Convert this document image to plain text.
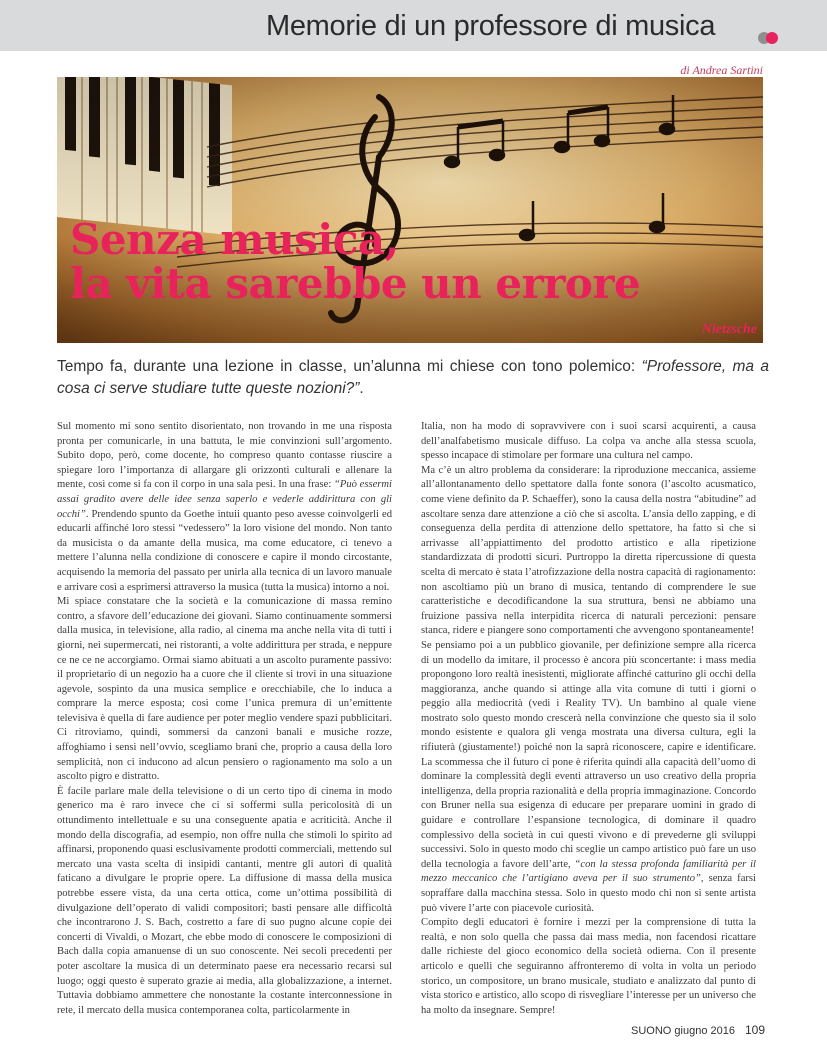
Memorie di un professore di musica
di Andrea Sartini
Senza musica,
la vita sarebbe un errore
Nietzsche
Tempo fa, durante una lezione in classe, un’alunna mi chiese con tono polemico: “Professore, ma a cosa ci serve studiare tutte queste nozioni?”.

Sul momento mi sono sentito disorientato, non trovando in me una risposta pronta per comunicarle, in una battuta, le mie convinzioni sull’argomento. Subito dopo, però, come docente, ho compreso quanto contasse riuscire a spiegare loro l’importanza di allargare gli orizzonti culturali e allenare la mente, così come si fa con il corpo in una sala pesi. In una frase: “Può essermi assai gradito avere delle idee senza saperlo e vederle addirittura con gli occhi”. Prendendo spunto da Goethe intuii quanto peso avesse coinvolgerli ed educarli affinché loro stessi “vedessero” la loro visione del mondo. Non tanto da musicista o da amante della musica, ma come educatore, ci tenevo a mettere l’alunna nella condizione di conoscere e capire il mondo circostante, acquisendo la memoria del passato per unirla alla tecnica di un lavoro manuale e arrivare così a esprimersi attraverso la musica (tutta la musica) intorno a noi.

Mi spiace constatare che la società e la comunicazione di massa remino contro, a sfavore dell’educazione dei giovani. Siamo continuamente sommersi dalla musica, in televisione, alla radio, al cinema ma anche nella vita di tutti i giorni, nei supermercati, nei ristoranti, a volte addirittura per strada, e neppure ce ne ce ne accorgiamo. Ormai siamo abituati a un ascolto puramente passivo: il proprietario di un negozio ha a cuore che il cliente si trovi in una situazione agevole, sospinto da una musica semplice e orecchiabile, che lo induca a comprare la merce esposta; così come l’unica premura di un’emittente televisiva è quella di fare audience per poter meglio vendere spazi pubblicitari. Ci ritroviamo, quindi, sommersi da canzoni banali e musiche rozze, affoghiamo i sensi nell’ovvio, scegliamo brani che, proprio a causa della loro semplicità, non ci inducono ad alcun pensiero o ragionamento ma solo a un ascolto pigro e distratto.

È facile parlare male della televisione o di un certo tipo di cinema in modo generico ma è raro invece che ci si soffermi sulla pericolosità di un ottundimento intellettuale e su una conseguente apatia e acriticità. Anche il mondo della discografia, ad esempio, non offre nulla che stimoli lo spirito ad affinarsi, proponendo quasi esclusivamente prodotti commerciali, mettendo sul mercato una vasta scelta di insipidi cantanti, mentre gli autori di qualità faticano a divulgare le proprie opere. La diffusione di massa della musica potrebbe essere vista, da una certa ottica, come un’ottima possibilità di divulgazione dell’operato di validi compositori; basti pensare alle difficoltà che incontrarono J. S. Bach, costretto a fare di suo pugno alcune copie dei concerti di Vivaldi, o Mozart, che ebbe modo di conoscere le composizioni di Bach dalla copia amanuense di un suo conoscente. Nei secoli precedenti per poter ascoltare la musica di un determinato paese era necessario recarsi sul luogo; oggi questo è superato grazie ai media, alla globalizzazione, a internet. Tuttavia dobbiamo ammettere che nonostante la costante interconnessione in rete, il mercato della musica contemporanea colta, particolarmente in

Italia, non ha modo di sopravvivere con i suoi scarsi acquirenti, a causa dell’analfabetismo musicale diffuso. La colpa va anche alla stessa scuola, spesso incapace di stimolare per formare una cultura nel campo.

Ma c’è un altro problema da considerare: la riproduzione meccanica, assieme all’allontanamento dello spettatore dalla fonte sonora (l’ascolto acusmatico, come viene definito da P. Schaeffer), sono la causa della nostra “abitudine” ad ascoltare senza dare attenzione a ciò che si ascolta. L’ansia dello zapping, e di conseguenza della perdita di attenzione dello spettatore, ha fatto sì che si arrivasse all’appiattimento del prodotto artistico e alla ripetizione standardizzata di prodotti sicuri. Purtroppo la diretta ripercussione di questa scelta di mercato è stata l’atrofizzazione della nostra capacità di ragionamento: non ascoltiamo più un brano di musica, tentando di comprendere le sue caratteristiche e decodificandone la sua struttura, bensì ne abbiamo una fruizione passiva nella interpidita ricerca di naturali percezioni: pensare stanca, ridere e piangere sono comportamenti che avvengono spontaneamente!

Se pensiamo poi a un pubblico giovanile, per definizione sempre alla ricerca di un modello da imitare, il processo è ancora più sconcertante: i mass media propongono loro realtà inesistenti, migliorate affinché catturino gli occhi della maggioranza, anche quando si attinge alla vita comune di tutti i giorni o peggio alla mediocrità (vedi i Reality TV). Un bambino al quale viene mostrato solo questo mondo crescerà nella convinzione che questo sia il solo mondo esistente e qualora gli venga mostrata una diversa cultura, egli la rifiuterà (giustamente!) poiché non la saprà riconoscere, capire e identificare. La scommessa che il futuro ci pone è riferita quindi alla capacità dell’uomo di dominare la complessità degli eventi attraverso un uso creativo della propria intelligenza, della propria razionalità e della propria immaginazione. Concordo con Bruner nella sua esigenza di educare per preparare uomini in grado di guidare e controllare l’espansione tecnologica, di dominare il quadro complessivo della società in cui questi vivono e di prevederne gli sviluppi successivi. Solo in questo modo chi sceglie un campo artistico può fare un uso della tecnologia a favore dell’arte, “con la stessa profonda familiarità per il mezzo meccanico che l’artigiano aveva per il suo strumento”, senza farsi sopraffare dalla macchina stessa. Solo in questo modo chi non si sente artista può vivere l’arte con piacevole curiosità.

Compito degli educatori è fornire i mezzi per la comprensione di tutta la realtà, e non solo quella che passa dai mass media, non facendosi ricattare dalle richieste del gioco economico della società odierna. Con il presente articolo e quelli che seguiranno affronteremo di volta in volta un periodo storico, un compositore, un brano musicale, studiato e analizzato dal punto di vista storico e artistico, allo scopo di risvegliare l’interesse per un universo che ha molto da insegnare. Sempre!

SUONO giugno 2016 109
